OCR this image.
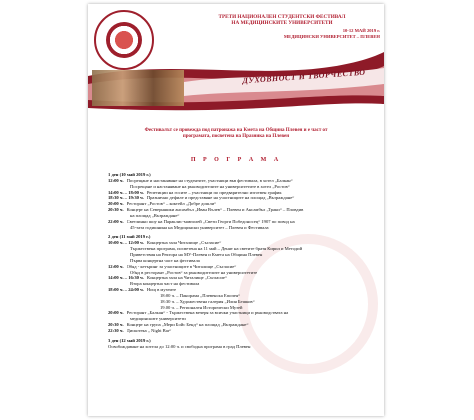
ТРЕТИ НАЦИОНАЛЕН СТУДЕНТСКИ ФЕСТИВАЛ
НА МЕДИЦИНСКИТЕ УНИВЕРСИТЕТИ
10-12 МАЙ 2019 г.
МЕДИЦИНСКИ УНИВЕРСИТЕТ – ПЛЕВЕН
ДУХОВНОСТ И ТВОРЧЕСТВО
Фестивалът се провежда под патронажа на Кмета на Община Плевен и е част от
програмата, посветена на Празника на Плевен
П Р О Г Р А М А
1 ден (10 май 2019 г.)
12:00 ч. Посрещане и настаняване на студентите, участници във фестивала, в хотел „Балкан“
Посрещане и настаняване на ръководителите на университетите в хотел „Ростов“
14:00 ч. – 18:00 ч. Репетиции на госите – участници по предварително изготвен график
18:30 ч. – 19:30 ч. Празнично дефиле и представяне на участниците на площад „Възраждане“
20:00 ч. Ресторант „Ростов“ – коктейл „Добре дошли“
20:30 ч. Концерт на Северняшки ансамбъл „Иван Вълев“ – Плевен и Ансамбъл „Траки“ – Пловдив
на площад „Възраждане“
22:00 ч. Светлинно шоу на Параклис-мавзолей „Свети Георги Победоносец“ 1907 по повод на
45-тата годишнина на Медицински университет – Плевен и Фестивала
2 ден (11 май 2019 г.)
10:00 ч. – 12:00 ч. Концертна зала Читалище „Съгласие“
Тържествена програма, посветена на 11 май – Денят на светите братя Кирил и Методий
Приветствия на Ректора на МУ-Плевен и Кмета на Община Плевен
Първа концертна част на фестивала
12:00 ч. Обяд - кетъринг за участниците в Читалище „Съгласие“
Обяд в ресторант „Ростов“ за ръководителите на университетите
14:00 ч. – 16:30 ч. Концертна зала на Читалище „Съгласие“
Втора концертна част на фестивала
18:00 ч. – 24:00 ч. Нощ в музеите
18:00 ч. – Панорама „Плевенска Епопея“
18:30 ч. – Художествена галерия „Илия Бешков“
19.00 ч. – Регионален Исторически Музей
20:00 ч. Ресторант „Балкан“ - Тържествена вечеря за всички участници и ръководствата на
медицинските университети
20:30 ч. Концерт на група „Мери Бойс Бенд“ на площад „Възраждане“
22:30 ч. Дискотека „ Night Bar“
3 ден (12 май 2019 г.)
Освобождаване на хотела до 12:00 ч. и свободна програма в град Плевен
